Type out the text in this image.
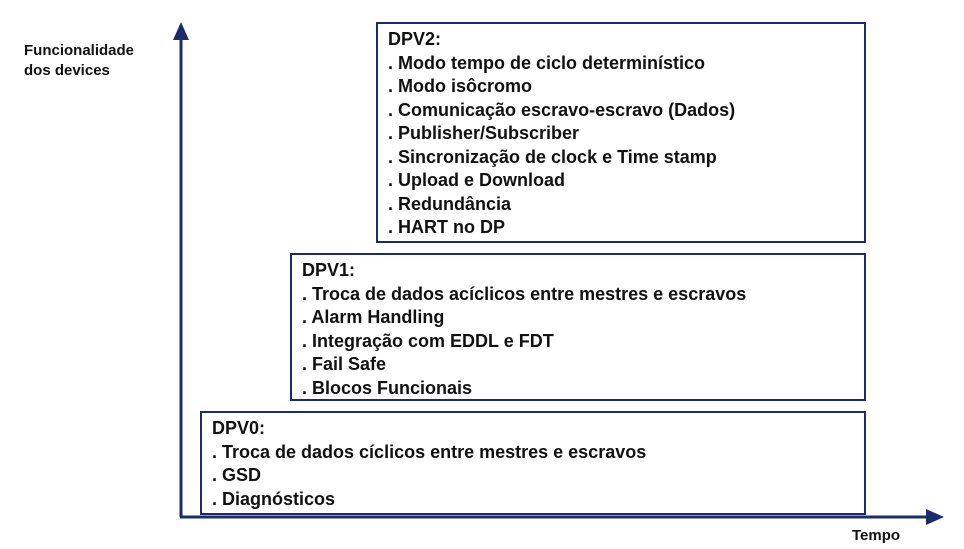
Funcionalidade
dos devices
Tempo
DPV2:
. Modo tempo de ciclo determinístico
. Modo isôcromo
. Comunicação escravo-escravo (Dados)
. Publisher/Subscriber
. Sincronização de clock e Time stamp
. Upload e Download
. Redundância
. HART no DP
DPV1:
. Troca de dados acíclicos entre mestres e escravos
. Alarm Handling
. Integração com EDDL e FDT
. Fail Safe
. Blocos Funcionais
DPV0:
. Troca de dados cíclicos entre mestres e escravos
. GSD
. Diagnósticos
